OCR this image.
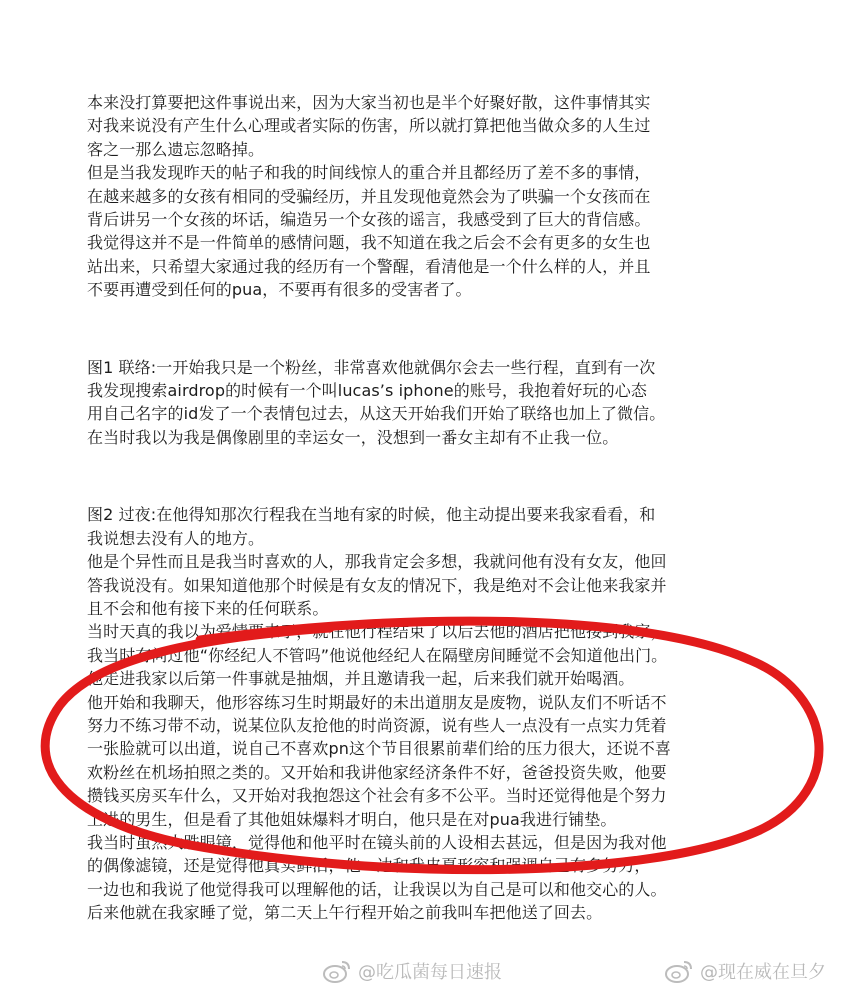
本来没打算要把这件事说出来，因为大家当初也是半个好聚好散，这件事情其实

对我来说没有产生什么心理或者实际的伤害，所以就打算把他当做众多的人生过

客之一那么遗忘忽略掉。

但是当我发现昨天的帖子和我的时间线惊人的重合并且都经历了差不多的事情，

在越来越多的女孩有相同的受骗经历，并且发现他竟然会为了哄骗一个女孩而在

背后讲另一个女孩的坏话，编造另一个女孩的谣言，我感受到了巨大的背信感。

我觉得这并不是一件简单的感情问题，我不知道在我之后会不会有更多的女生也

站出来，只希望大家通过我的经历有一个警醒，看清他是一个什么样的人，并且

不要再遭受到任何的pua，不要再有很多的受害者了。

图1 联络:一开始我只是一个粉丝，非常喜欢他就偶尔会去一些行程，直到有一次

我发现搜索airdrop的时候有一个叫lucas’s iphone的账号，我抱着好玩的心态

用自己名字的id发了一个表情包过去，从这天开始我们开始了联络也加上了微信。

在当时我以为我是偶像剧里的幸运女一，没想到一番女主却有不止我一位。

图2 过夜:在他得知那次行程我在当地有家的时候，他主动提出要来我家看看，和

我说想去没有人的地方。

他是个异性而且是我当时喜欢的人，那我肯定会多想，我就问他有没有女友，他回

答我说没有。如果知道他那个时候是有女友的情况下，我是绝对不会让他来我家并

且不会和他有接下来的任何联系。

当时天真的我以为爱情要来了，就在他行程结束了以后去他的酒店把他接到我家，

我当时有问过他“你经纪人不管吗”他说他经纪人在隔壁房间睡觉不会知道他出门。

他走进我家以后第一件事就是抽烟，并且邀请我一起，后来我们就开始喝酒。

他开始和我聊天，他形容练习生时期最好的未出道朋友是废物，说队友们不听话不

努力不练习带不动，说某位队友抢他的时尚资源，说有些人一点没有一点实力凭着

一张脸就可以出道，说自己不喜欢pn这个节目很累前辈们给的压力很大，还说不喜

欢粉丝在机场拍照之类的。又开始和我讲他家经济条件不好，爸爸投资失败，他要

攒钱买房买车什么，又开始对我抱怨这个社会有多不公平。当时还觉得他是个努力

上进的男生，但是看了其他姐妹爆料才明白，他只是在对pua我进行铺垫。

我当时虽然大跌眼镜，觉得他和他平时在镜头前的人设相去甚远，但是因为我对他

的偶像滤镜，还是觉得他真实鲜活，他一边和我皮夏形容和强调自己有多努力，

一边也和我说了他觉得我可以理解他的话，让我误以为自己是可以和他交心的人。

后来他就在我家睡了觉，第二天上午行程开始之前我叫车把他送了回去。

@吃瓜菌每日速报	@现在威在旦夕
